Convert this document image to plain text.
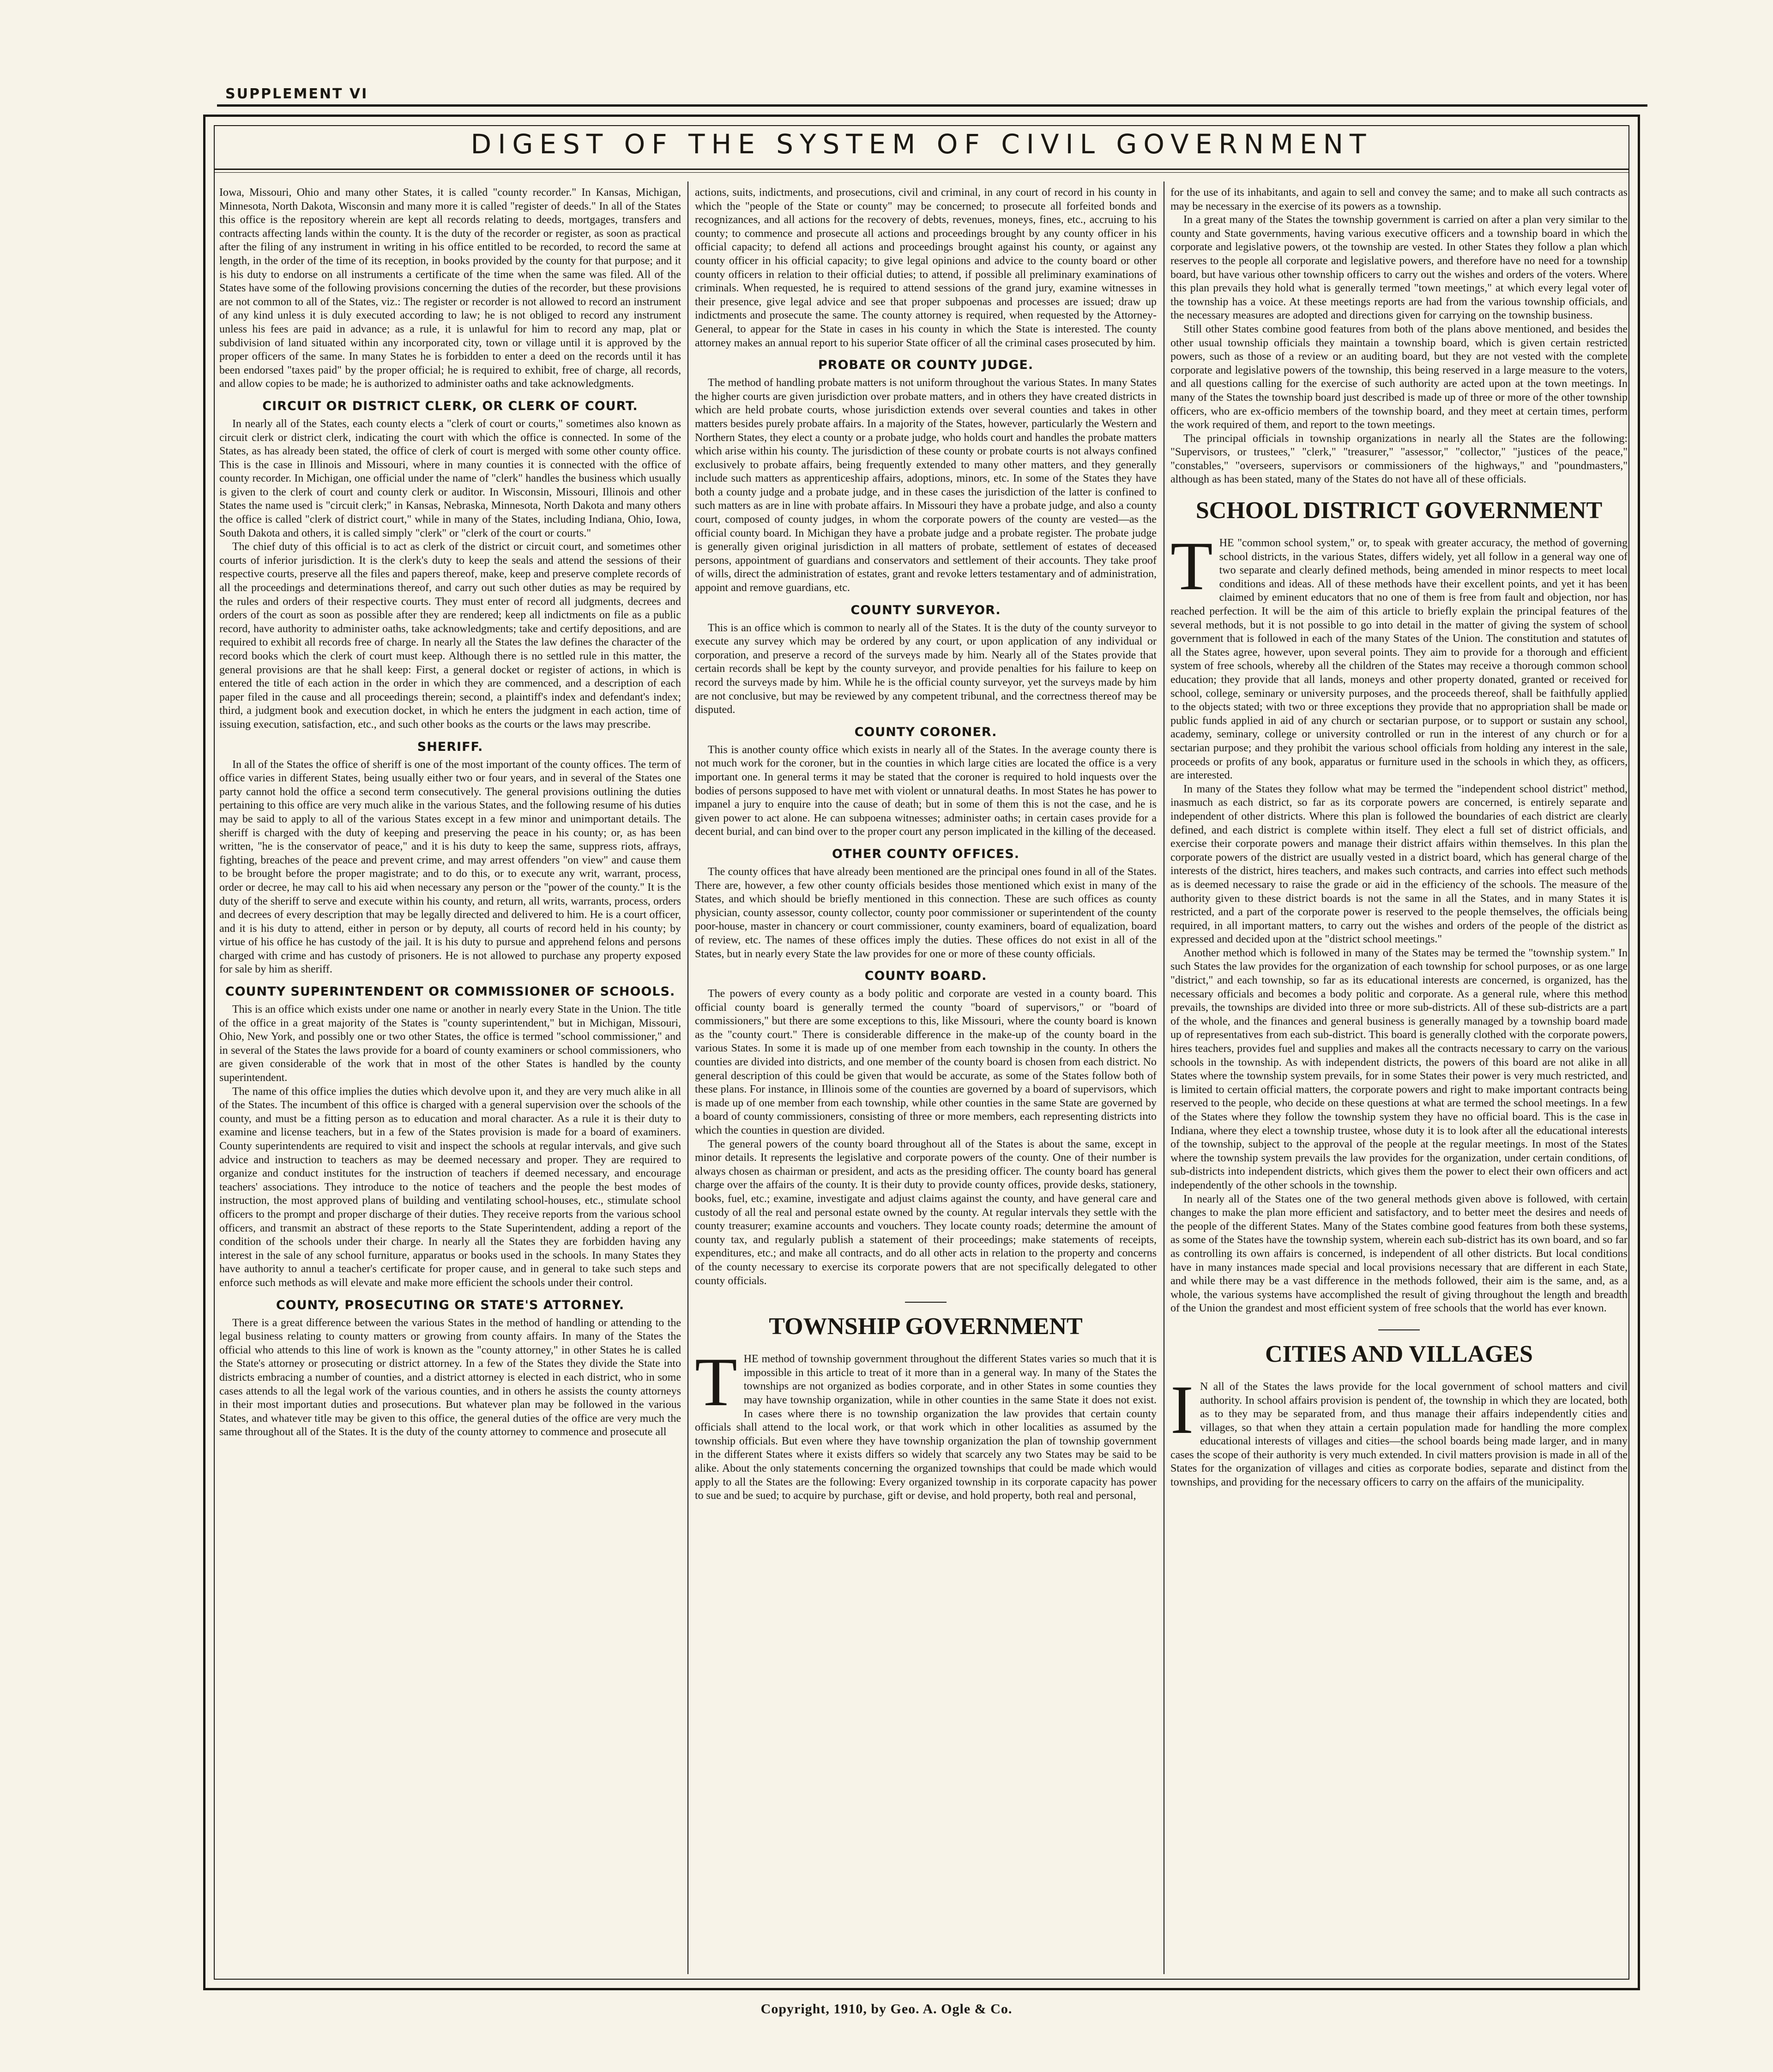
SUPPLEMENT VI
DIGEST OF THE SYSTEM OF CIVIL GOVERNMENT

Iowa, Missouri, Ohio and many other States, it is called "county recorder." In Kansas, Michigan, Minnesota, North Dakota, Wisconsin and many more it is called "register of deeds." In all of the States this office is the repository wherein are kept all records relating to deeds, mortgages, transfers and contracts affecting lands within the county. It is the duty of the recorder or register, as soon as practical after the filing of any instrument in writing in his office entitled to be recorded, to record the same at length, in the order of the time of its reception, in books provided by the county for that purpose; and it is his duty to endorse on all instruments a certificate of the time when the same was filed. All of the States have some of the following provisions concerning the duties of the recorder, but these provisions are not common to all of the States, viz.: The register or recorder is not allowed to record an instrument of any kind unless it is duly executed according to law; he is not obliged to record any instrument unless his fees are paid in advance; as a rule, it is unlawful for him to record any map, plat or subdivision of land situated within any incorporated city, town or village until it is approved by the proper officers of the same. In many States he is forbidden to enter a deed on the records until it has been endorsed "taxes paid" by the proper official; he is required to exhibit, free of charge, all records, and allow copies to be made; he is authorized to administer oaths and take acknowledgments.

CIRCUIT OR DISTRICT CLERK, OR CLERK OF COURT.

In nearly all of the States, each county elects a "clerk of court or courts," sometimes also known as circuit clerk or district clerk, indicating the court with which the office is connected. In some of the States, as has already been stated, the office of clerk of court is merged with some other county office. This is the case in Illinois and Missouri, where in many counties it is connected with the office of county recorder. In Michigan, one official under the name of "clerk" handles the business which usually is given to the clerk of court and county clerk or auditor. In Wisconsin, Missouri, Illinois and other States the name used is "circuit clerk;" in Kansas, Nebraska, Minnesota, North Dakota and many others the office is called "clerk of district court," while in many of the States, including Indiana, Ohio, Iowa, South Dakota and others, it is called simply "clerk" or "clerk of the court or courts."

The chief duty of this official is to act as clerk of the district or circuit court, and sometimes other courts of inferior jurisdiction. It is the clerk's duty to keep the seals and attend the sessions of their respective courts, preserve all the files and papers thereof, make, keep and preserve complete records of all the proceedings and determinations thereof, and carry out such other duties as may be required by the rules and orders of their respective courts. They must enter of record all judgments, decrees and orders of the court as soon as possible after they are rendered; keep all indictments on file as a public record, have authority to administer oaths, take acknowledgments; take and certify depositions, and are required to exhibit all records free of charge. In nearly all the States the law defines the character of the record books which the clerk of court must keep. Although there is no settled rule in this matter, the general provisions are that he shall keep: First, a general docket or register of actions, in which is entered the title of each action in the order in which they are commenced, and a description of each paper filed in the cause and all proceedings therein; second, a plaintiff's index and defendant's index; third, a judgment book and execution docket, in which he enters the judgment in each action, time of issuing execution, satisfaction, etc., and such other books as the courts or the laws may prescribe.

SHERIFF.

In all of the States the office of sheriff is one of the most important of the county offices. The term of office varies in different States, being usually either two or four years, and in several of the States one party cannot hold the office a second term consecutively. The general provisions outlining the duties pertaining to this office are very much alike in the various States, and the following resume of his duties may be said to apply to all of the various States except in a few minor and unimportant details. The sheriff is charged with the duty of keeping and preserving the peace in his county; or, as has been written, "he is the conservator of peace," and it is his duty to keep the same, suppress riots, affrays, fighting, breaches of the peace and prevent crime, and may arrest offenders "on view" and cause them to be brought before the proper magistrate; and to do this, or to execute any writ, warrant, process, order or decree, he may call to his aid when necessary any person or the "power of the county." It is the duty of the sheriff to serve and execute within his county, and return, all writs, warrants, process, orders and decrees of every description that may be legally directed and delivered to him. He is a court officer, and it is his duty to attend, either in person or by deputy, all courts of record held in his county; by virtue of his office he has custody of the jail. It is his duty to pursue and apprehend felons and persons charged with crime and has custody of prisoners. He is not allowed to purchase any property exposed for sale by him as sheriff.

COUNTY SUPERINTENDENT OR COMMISSIONER OF SCHOOLS.

This is an office which exists under one name or another in nearly every State in the Union. The title of the office in a great majority of the States is "county superintendent," but in Michigan, Missouri, Ohio, New York, and possibly one or two other States, the office is termed "school commissioner," and in several of the States the laws provide for a board of county examiners or school commissioners, who are given considerable of the work that in most of the other States is handled by the county superintendent.

The name of this office implies the duties which devolve upon it, and they are very much alike in all of the States. The incumbent of this office is charged with a general supervision over the schools of the county, and must be a fitting person as to education and moral character. As a rule it is their duty to examine and license teachers, but in a few of the States provision is made for a board of examiners. County superintendents are required to visit and inspect the schools at regular intervals, and give such advice and instruction to teachers as may be deemed necessary and proper. They are required to organize and conduct institutes for the instruction of teachers if deemed necessary, and encourage teachers' associations. They introduce to the notice of teachers and the people the best modes of instruction, the most approved plans of building and ventilating school-houses, etc., stimulate school officers to the prompt and proper discharge of their duties. They receive reports from the various school officers, and transmit an abstract of these reports to the State Superintendent, adding a report of the condition of the schools under their charge. In nearly all the States they are forbidden having any interest in the sale of any school furniture, apparatus or books used in the schools. In many States they have authority to annul a teacher's certificate for proper cause, and in general to take such steps and enforce such methods as will elevate and make more efficient the schools under their control.

COUNTY, PROSECUTING OR STATE'S ATTORNEY.

There is a great difference between the various States in the method of handling or attending to the legal business relating to county matters or growing from county affairs. In many of the States the official who attends to this line of work is known as the "county attorney," in other States he is called the State's attorney or prosecuting or district attorney. In a few of the States they divide the State into districts embracing a number of counties, and a district attorney is elected in each district, who in some cases attends to all the legal work of the various counties, and in others he assists the county attorneys in their most important duties and prosecutions. But whatever plan may be followed in the various States, and whatever title may be given to this office, the general duties of the office are very much the same throughout all of the States. It is the duty of the county attorney to commence and prosecute all

actions, suits, indictments, and prosecutions, civil and criminal, in any court of record in his county in which the "people of the State or county" may be concerned; to prosecute all forfeited bonds and recognizances, and all actions for the recovery of debts, revenues, moneys, fines, etc., accruing to his county; to commence and prosecute all actions and proceedings brought by any county officer in his official capacity; to defend all actions and proceedings brought against his county, or against any county officer in his official capacity; to give legal opinions and advice to the county board or other county officers in relation to their official duties; to attend, if possible all preliminary examinations of criminals. When requested, he is required to attend sessions of the grand jury, examine witnesses in their presence, give legal advice and see that proper subpoenas and processes are issued; draw up indictments and prosecute the same. The county attorney is required, when requested by the Attorney-General, to appear for the State in cases in his county in which the State is interested. The county attorney makes an annual report to his superior State officer of all the criminal cases prosecuted by him.

PROBATE OR COUNTY JUDGE.

The method of handling probate matters is not uniform throughout the various States. In many States the higher courts are given jurisdiction over probate matters, and in others they have created districts in which are held probate courts, whose jurisdiction extends over several counties and takes in other matters besides purely probate affairs. In a majority of the States, however, particularly the Western and Northern States, they elect a county or a probate judge, who holds court and handles the probate matters which arise within his county. The jurisdiction of these county or probate courts is not always confined exclusively to probate affairs, being frequently extended to many other matters, and they generally include such matters as apprenticeship affairs, adoptions, minors, etc. In some of the States they have both a county judge and a probate judge, and in these cases the jurisdiction of the latter is confined to such matters as are in line with probate affairs. In Missouri they have a probate judge, and also a county court, composed of county judges, in whom the corporate powers of the county are vested—as the official county board. In Michigan they have a probate judge and a probate register. The probate judge is generally given original jurisdiction in all matters of probate, settlement of estates of deceased persons, appointment of guardians and conservators and settlement of their accounts. They take proof of wills, direct the administration of estates, grant and revoke letters testamentary and of administration, appoint and remove guardians, etc.

COUNTY SURVEYOR.

This is an office which is common to nearly all of the States. It is the duty of the county surveyor to execute any survey which may be ordered by any court, or upon application of any individual or corporation, and preserve a record of the surveys made by him. Nearly all of the States provide that certain records shall be kept by the county surveyor, and provide penalties for his failure to keep on record the surveys made by him. While he is the official county surveyor, yet the surveys made by him are not conclusive, but may be reviewed by any competent tribunal, and the correctness thereof may be disputed.

COUNTY CORONER.

This is another county office which exists in nearly all of the States. In the average county there is not much work for the coroner, but in the counties in which large cities are located the office is a very important one. In general terms it may be stated that the coroner is required to hold inquests over the bodies of persons supposed to have met with violent or unnatural deaths. In most States he has power to impanel a jury to enquire into the cause of death; but in some of them this is not the case, and he is given power to act alone. He can subpoena witnesses; administer oaths; in certain cases provide for a decent burial, and can bind over to the proper court any person implicated in the killing of the deceased.

OTHER COUNTY OFFICES.

The county offices that have already been mentioned are the principal ones found in all of the States. There are, however, a few other county officials besides those mentioned which exist in many of the States, and which should be briefly mentioned in this connection. These are such offices as county physician, county assessor, county collector, county poor commissioner or superintendent of the county poor-house, master in chancery or court commissioner, county examiners, board of equalization, board of review, etc. The names of these offices imply the duties. These offices do not exist in all of the States, but in nearly every State the law provides for one or more of these county officials.

COUNTY BOARD.

The powers of every county as a body politic and corporate are vested in a county board. This official county board is generally termed the county "board of supervisors," or "board of commissioners," but there are some exceptions to this, like Missouri, where the county board is known as the "county court." There is considerable difference in the make-up of the county board in the various States. In some it is made up of one member from each township in the county. In others the counties are divided into districts, and one member of the county board is chosen from each district. No general description of this could be given that would be accurate, as some of the States follow both of these plans. For instance, in Illinois some of the counties are governed by a board of supervisors, which is made up of one member from each township, while other counties in the same State are governed by a board of county commissioners, consisting of three or more members, each representing districts into which the counties in question are divided.

The general powers of the county board throughout all of the States is about the same, except in minor details. It represents the legislative and corporate powers of the county. One of their number is always chosen as chairman or president, and acts as the presiding officer. The county board has general charge over the affairs of the county. It is their duty to provide county offices, provide desks, stationery, books, fuel, etc.; examine, investigate and adjust claims against the county, and have general care and custody of all the real and personal estate owned by the county. At regular intervals they settle with the county treasurer; examine accounts and vouchers. They locate county roads; determine the amount of county tax, and regularly publish a statement of their proceedings; make statements of receipts, expenditures, etc.; and make all contracts, and do all other acts in relation to the property and concerns of the county necessary to exercise its corporate powers that are not specifically delegated to other county officials.

TOWNSHIP GOVERNMENT

THE method of township government throughout the different States varies so much that it is impossible in this article to treat of it more than in a general way. In many of the States the townships are not organized as bodies corporate, and in other States in some counties they may have township organization, while in other counties in the same State it does not exist. In cases where there is no township organization the law provides that certain county officials shall attend to the local work, or that work which in other localities as assumed by the township officials. But even where they have township organization the plan of township government in the different States where it exists differs so widely that scarcely any two States may be said to be alike. About the only statements concerning the organized townships that could be made which would apply to all the States are the following: Every organized township in its corporate capacity has power to sue and be sued; to acquire by purchase, gift or devise, and hold property, both real and personal,

for the use of its inhabitants, and again to sell and convey the same; and to make all such contracts as may be necessary in the exercise of its powers as a township.

In a great many of the States the township government is carried on after a plan very similar to the county and State governments, having various executive officers and a township board in which the corporate and legislative powers, ot the township are vested. In other States they follow a plan which reserves to the people all corporate and legislative powers, and therefore have no need for a township board, but have various other township officers to carry out the wishes and orders of the voters. Where this plan prevails they hold what is generally termed "town meetings," at which every legal voter of the township has a voice. At these meetings reports are had from the various township officials, and the necessary measures are adopted and directions given for carrying on the township business.

Still other States combine good features from both of the plans above mentioned, and besides the other usual township officials they maintain a township board, which is given certain restricted powers, such as those of a review or an auditing board, but they are not vested with the complete corporate and legislative powers of the township, this being reserved in a large measure to the voters, and all questions calling for the exercise of such authority are acted upon at the town meetings. In many of the States the township board just described is made up of three or more of the other township officers, who are ex-officio members of the township board, and they meet at certain times, perform the work required of them, and report to the town meetings.

The principal officials in township organizations in nearly all the States are the following: "Supervisors, or trustees," "clerk," "treasurer," "assessor," "collector," "justices of the peace," "constables," "overseers, supervisors or commissioners of the highways," and "poundmasters," although as has been stated, many of the States do not have all of these officials.

SCHOOL DISTRICT GOVERNMENT

THE "common school system," or, to speak with greater accuracy, the method of governing school districts, in the various States, differs widely, yet all follow in a general way one of two separate and clearly defined methods, being amended in minor respects to meet local conditions and ideas. All of these methods have their excellent points, and yet it has been claimed by eminent educators that no one of them is free from fault and objection, nor has reached perfection. It will be the aim of this article to briefly explain the principal features of the several methods, but it is not possible to go into detail in the matter of giving the system of school government that is followed in each of the many States of the Union. The constitution and statutes of all the States agree, however, upon several points. They aim to provide for a thorough and efficient system of free schools, whereby all the children of the States may receive a thorough common school education; they provide that all lands, moneys and other property donated, granted or received for school, college, seminary or university purposes, and the proceeds thereof, shall be faithfully applied to the objects stated; with two or three exceptions they provide that no appropriation shall be made or public funds applied in aid of any church or sectarian purpose, or to support or sustain any school, academy, seminary, college or university controlled or run in the interest of any church or for a sectarian purpose; and they prohibit the various school officials from holding any interest in the sale, proceeds or profits of any book, apparatus or furniture used in the schools in which they, as officers, are interested.

In many of the States they follow what may be termed the "independent school district" method, inasmuch as each district, so far as its corporate powers are concerned, is entirely separate and independent of other districts. Where this plan is followed the boundaries of each district are clearly defined, and each district is complete within itself. They elect a full set of district officials, and exercise their corporate powers and manage their district affairs within themselves. In this plan the corporate powers of the district are usually vested in a district board, which has general charge of the interests of the district, hires teachers, and makes such contracts, and carries into effect such methods as is deemed necessary to raise the grade or aid in the efficiency of the schools. The measure of the authority given to these district boards is not the same in all the States, and in many States it is restricted, and a part of the corporate power is reserved to the people themselves, the officials being required, in all important matters, to carry out the wishes and orders of the people of the district as expressed and decided upon at the "district school meetings."

Another method which is followed in many of the States may be termed the "township system." In such States the law provides for the organization of each township for school purposes, or as one large "district," and each township, so far as its educational interests are concerned, is organized, has the necessary officials and becomes a body politic and corporate. As a general rule, where this method prevails, the townships are divided into three or more sub-districts. All of these sub-districts are a part of the whole, and the finances and general business is generally managed by a township board made up of representatives from each sub-district. This board is generally clothed with the corporate powers, hires teachers, provides fuel and supplies and makes all the contracts necessary to carry on the various schools in the township. As with independent districts, the powers of this board are not alike in all States where the township system prevails, for in some States their power is very much restricted, and is limited to certain official matters, the corporate powers and right to make important contracts being reserved to the people, who decide on these questions at what are termed the school meetings. In a few of the States where they follow the township system they have no official board. This is the case in Indiana, where they elect a township trustee, whose duty it is to look after all the educational interests of the township, subject to the approval of the people at the regular meetings. In most of the States where the township system prevails the law provides for the organization, under certain conditions, of sub-districts into independent districts, which gives them the power to elect their own officers and act independently of the other schools in the township.

In nearly all of the States one of the two general methods given above is followed, with certain changes to make the plan more efficient and satisfactory, and to better meet the desires and needs of the people of the different States. Many of the States combine good features from both these systems, as some of the States have the township system, wherein each sub-district has its own board, and so far as controlling its own affairs is concerned, is independent of all other districts. But local conditions have in many instances made special and local provisions necessary that are different in each State, and while there may be a vast difference in the methods followed, their aim is the same, and, as a whole, the various systems have accomplished the result of giving throughout the length and breadth of the Union the grandest and most efficient system of free schools that the world has ever known.

CITIES AND VILLAGES

I N all of the States the laws provide for the local government of school matters and civil authority. In school affairs provision is pendent of, the township in which they are located, both as to they may be separated from, and thus manage their affairs independently cities and villages, so that when they attain a certain population made for handling the more complex educational interests of villages and cities—the school boards being made larger, and in many cases the scope of their authority is very much extended. In civil matters provision is made in all of the States for the organization of villages and cities as corporate bodies, separate and distinct from the townships, and providing for the necessary officers to carry on the affairs of the municipality.

Copyright, 1910, by Geo. A. Ogle & Co.
